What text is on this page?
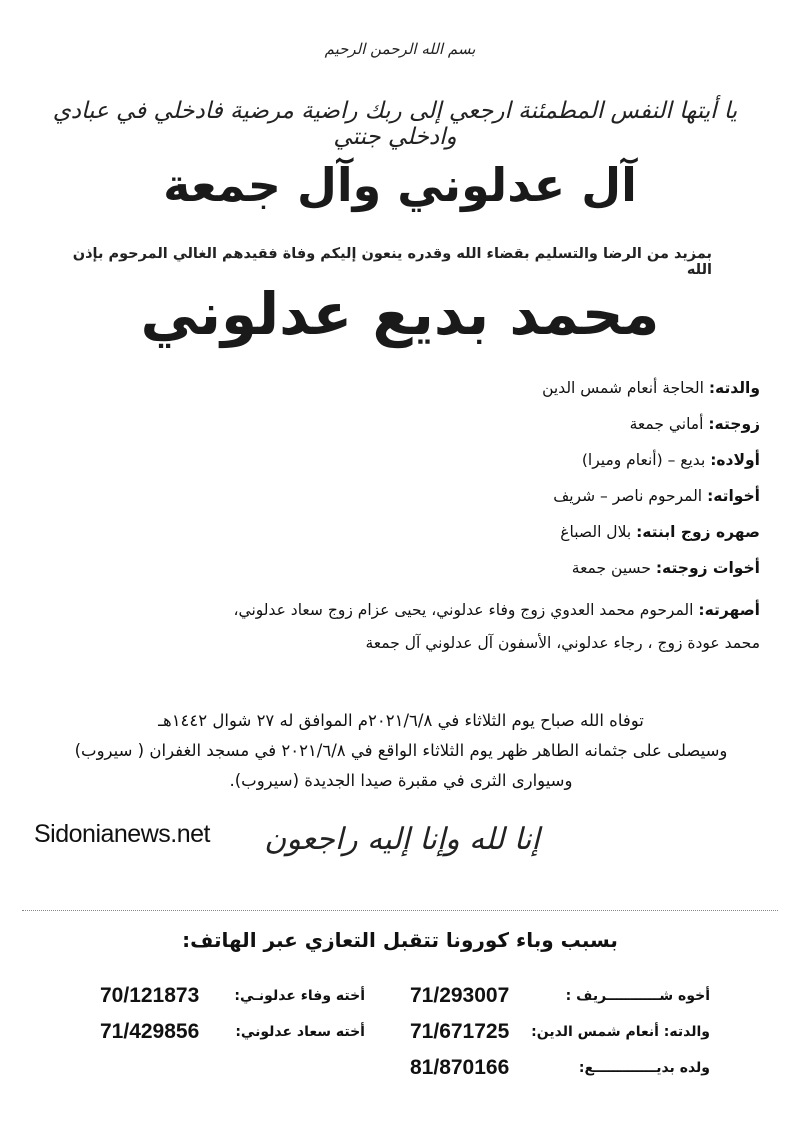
بسم الله الرحمن الرحيم
يا أيتها النفس المطمئنة ارجعي إلى ربك راضية مرضية فادخلي في عبادي وادخلي جنتي
آل عدلوني وآل جمعة
بمزيد من الرضا والتسليم بقضاء الله وقدره ينعون إليكم وفاة فقيدهم الغالي المرحوم بإذن الله
محمد بديع عدلوني
والدته: الحاجة أنعام شمس الدين
زوجته: أماني جمعة
أولاده: بديع – (أنعام وميرا)
أخواته: المرحوم ناصر – شريف
صهره زوج ابنته: بلال الصباغ
أخوات زوجته: حسين جمعة
أصهرته: المرحوم محمد العدوي زوج وفاء عدلوني، يحيى عزام زوج سعاد عدلوني،
محمد عودة زوج ، رجاء عدلوني، الأسفون آل عدلوني آل جمعة
توفاه الله صباح يوم الثلاثاء في ٢٠٢١/٦/٨م الموافق له ٢٧ شوال ١٤٤٢هـ
وسيصلى على جثمانه الطاهر ظهر يوم الثلاثاء الواقع في ٢٠٢١/٦/٨ في مسجد الغفران ( سيروب)
وسيوارى الثرى في مقبرة صيدا الجديدة (سيروب).
Sidonianews.net إنا لله وإنا إليه راجعون
بسبب وباء كورونا تتقبل التعازي عبر الهاتف:
أخوه شـــــــــــريف :
71/293007
والدته: أنعام شمس الدين:
71/671725
ولده بديـــــــــــــع:
81/870166
أخته وفاء عدلونـي:
70/121873
أخته سعاد عدلوني:
71/429856
